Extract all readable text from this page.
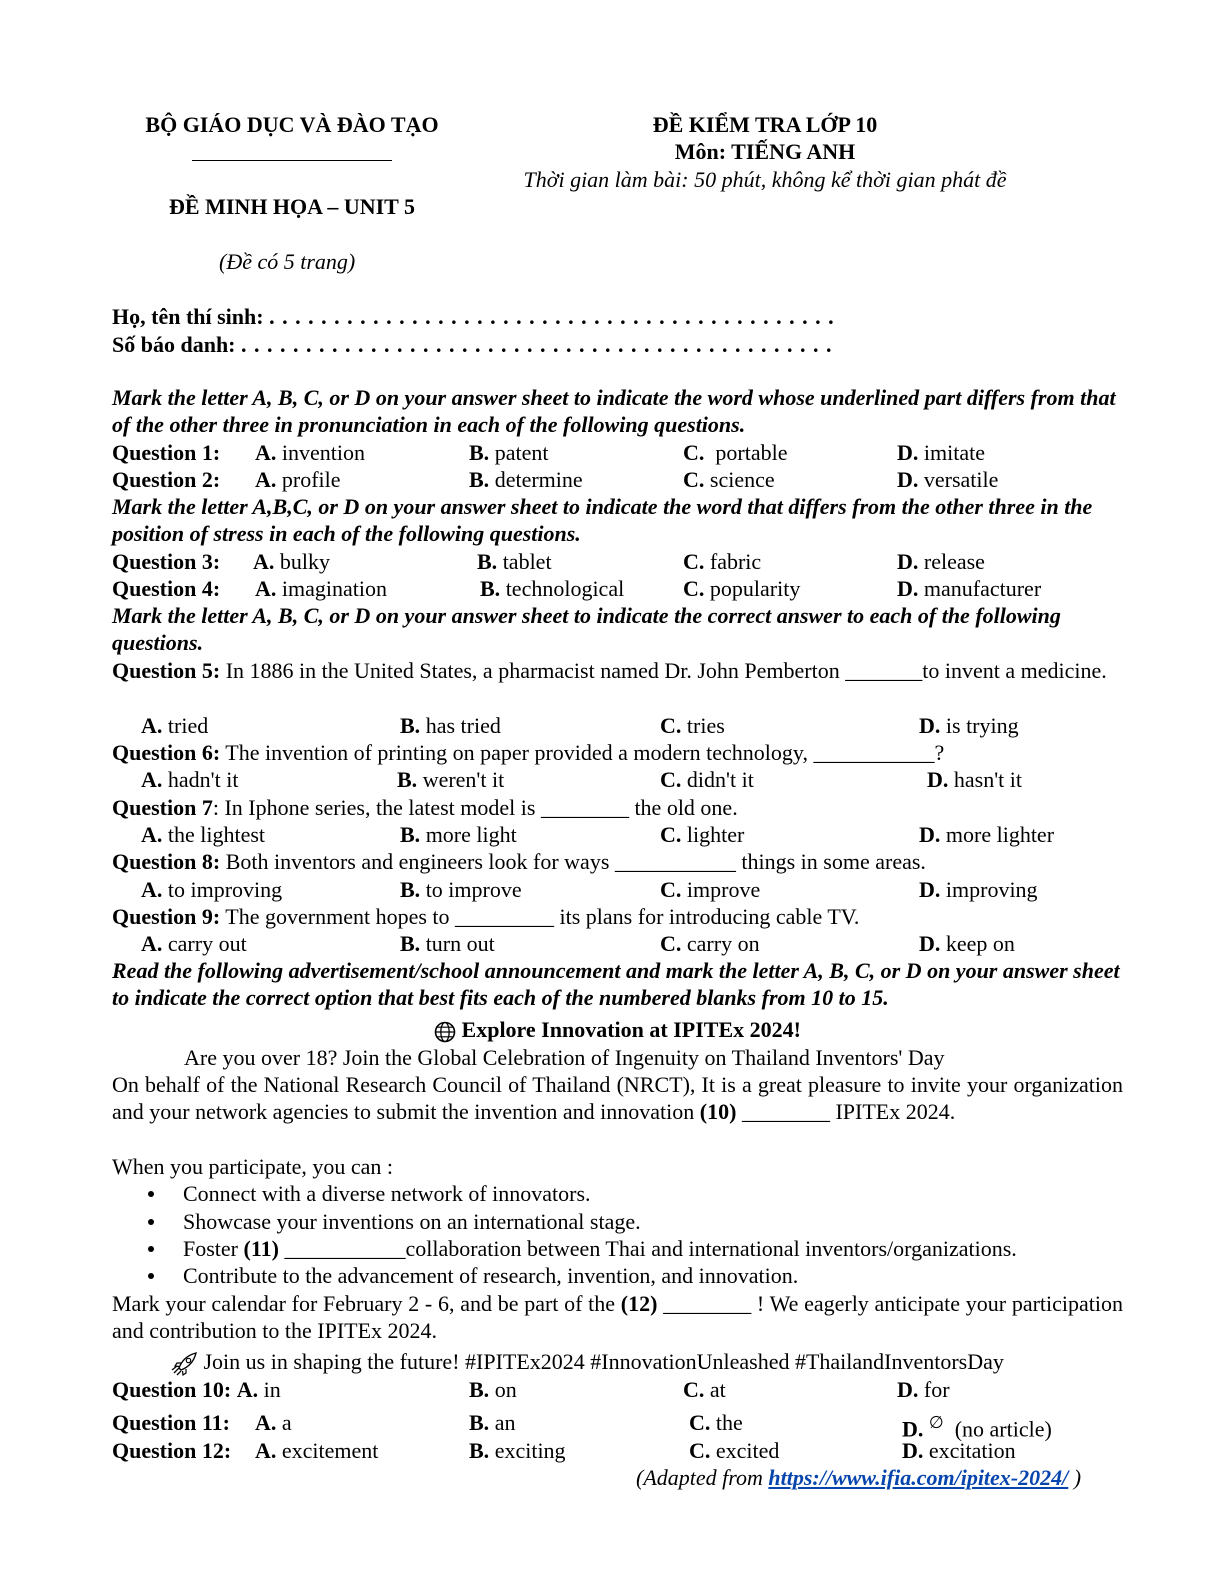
BỘ GIÁO DỤC VÀ ĐÀO TẠO
ĐỀ MINH HỌA – UNIT 5
(Đề có 5 trang)
ĐỀ KIỂM TRA LỚP 10
Môn: TIẾNG ANH
Thời gian làm bài: 50 phút, không kể thời gian phát đề
Họ, tên thí sinh: . . . . . . . . . . . . . . . . . . . . . . . . . . . . . . . . . . . . . . . . . . . .
Số báo danh: . . . . . . . . . . . . . . . . . . . . . . . . . . . . . . . . . . . . . . . . . . . . . .
Mark the letter A, B, C, or D on your answer sheet to indicate the word whose underlined part differs from that of the other three in pronunciation in each of the following questions.
Question 1: A. invention	B. patent	C. portable	D. imitate
Question 2: A. profile	B. determine	C. science	D. versatile
Mark the letter A,B,C, or D on your answer sheet to indicate the word that differs from the other three in the position of stress in each of the following questions.
Question 3: A. bulky	B. tablet	C. fabric	D. release
Question 4: A. imagination	B. technological	C. popularity	D. manufacturer
Mark the letter A, B, C, or D on your answer sheet to indicate the correct answer to each of the following questions.
Question 5: In 1886 in the United States, a pharmacist named Dr. John Pemberton _______to invent a medicine.
A. tried	B. has tried	C. tries	D. is trying
Question 6: The invention of printing on paper provided a modern technology, ___________?
A. hadn't it	B. weren't it	C. didn't it	D. hasn't it
Question 7: In Iphone series, the latest model is ________ the old one.
A. the lightest	B. more light	C. lighter	D. more lighter
Question 8: Both inventors and engineers look for ways ___________ things in some areas.
A. to improving	B. to improve	C. improve	D. improving
Question 9: The government hopes to _________ its plans for introducing cable TV.
A. carry out	B. turn out	C. carry on	D. keep on
Read the following advertisement/school announcement and mark the letter A, B, C, or D on your answer sheet to indicate the correct option that best fits each of the numbered blanks from 10 to 15.
Explore Innovation at IPITEx 2024!
Are you over 18? Join the Global Celebration of Ingenuity on Thailand Inventors' Day
On behalf of the National Research Council of Thailand (NRCT), It is a great pleasure to invite your organization and your network agencies to submit the invention and innovation (10) ________ IPITEx 2024.
When you participate, you can :
Connect with a diverse network of innovators.
Showcase your inventions on an international stage.
Foster (11) ___________collaboration between Thai and international inventors/organizations.
Contribute to the advancement of research, invention, and innovation.
Mark your calendar for February 2 - 6, and be part of the (12) ________ ! We eagerly anticipate your participation and contribution to the IPITEx 2024.
Join us in shaping the future! #IPITEx2024 #InnovationUnleashed #ThailandInventorsDay
Question 10: A. in	B. on	C. at	D. for
Question 11: A. a	B. an	C. the	D. ∅ (no article)
Question 12: A. excitement	B. exciting	C. excited	D. excitation
(Adapted from https://www.ifia.com/ipitex-2024/ )
